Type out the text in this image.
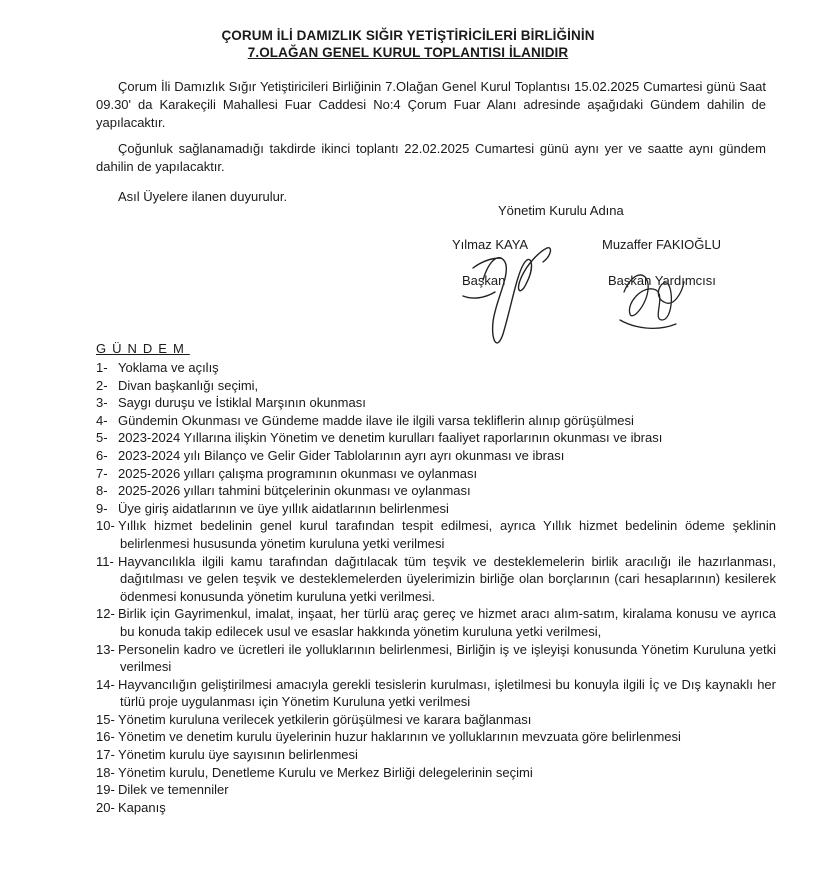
ÇORUM İLİ DAMIZLIK SIĞIR YETİŞTİRİCİLERİ BİRLİĞİNİN
7.OLAĞAN GENEL KURUL TOPLANTISI İLANIDIR
Çorum İli Damızlık Sığır Yetiştiricileri Birliğinin 7.Olağan Genel Kurul Toplantısı 15.02.2025 Cumartesi günü Saat 09.30' da Karakeçili Mahallesi Fuar Caddesi No:4 Çorum Fuar Alanı adresinde aşağıdaki Gündem dahilin de yapılacaktır.
Çoğunluk sağlanamadığı takdirde ikinci toplantı 22.02.2025 Cumartesi günü aynı yer ve saatte aynı gündem dahilin de yapılacaktır.
Asıl Üyelere ilanen duyurulur.
Yönetim Kurulu Adına
Yılmaz KAYA
Başkan
Muzaffer FAKIOĞLU
Başkan Yardımcısı
GÜNDEM
1- Yoklama ve açılış
2- Divan başkanlığı seçimi,
3- Saygı duruşu ve İstiklal Marşının okunması
4- Gündemin Okunması ve Gündeme madde ilave ile ilgili varsa tekliflerin alınıp görüşülmesi
5- 2023-2024 Yıllarına ilişkin Yönetim ve denetim kurulları faaliyet raporlarının okunması ve ibrası
6- 2023-2024 yılı Bilanço ve Gelir Gider Tablolarının ayrı ayrı okunması ve ibrası
7- 2025-2026 yılları çalışma programının okunması ve oylanması
8- 2025-2026 yılları tahmini bütçelerinin okunması ve oylanması
9- Üye giriş aidatlarının ve üye yıllık aidatlarının belirlenmesi
10- Yıllık hizmet bedelinin genel kurul tarafından tespit edilmesi, ayrıca Yıllık hizmet bedelinin ödeme şeklinin belirlenmesi hususunda yönetim kuruluna yetki verilmesi
11- Hayvancılıkla ilgili kamu tarafından dağıtılacak tüm teşvik ve desteklemelerin birlik aracılığı ile hazırlanması, dağıtılması ve gelen teşvik ve desteklemelerden üyelerimizin birliğe olan borçlarının (cari hesaplarının) kesilerek ödenmesi konusunda yönetim kuruluna yetki verilmesi.
12- Birlik için Gayrimenkul, imalat, inşaat, her türlü araç gereç ve hizmet aracı alım-satım, kiralama konusu ve ayrıca bu konuda takip edilecek usul ve esaslar hakkında yönetim kuruluna yetki verilmesi,
13- Personelin kadro ve ücretleri ile yolluklarının belirlenmesi, Birliğin iş ve işleyişi konusunda Yönetim Kuruluna yetki verilmesi
14- Hayvancılığın geliştirilmesi amacıyla gerekli tesislerin kurulması, işletilmesi bu konuyla ilgili İç ve Dış kaynaklı her türlü proje uygulanması için Yönetim Kuruluna yetki verilmesi
15- Yönetim kuruluna verilecek yetkilerin görüşülmesi ve karara bağlanması
16- Yönetim ve denetim kurulu üyelerinin huzur haklarının ve yolluklarının mevzuata göre belirlenmesi
17- Yönetim kurulu üye sayısının belirlenmesi
18- Yönetim kurulu, Denetleme Kurulu ve Merkez Birliği delegelerinin seçimi
19- Dilek ve temenniler
20- Kapanış
